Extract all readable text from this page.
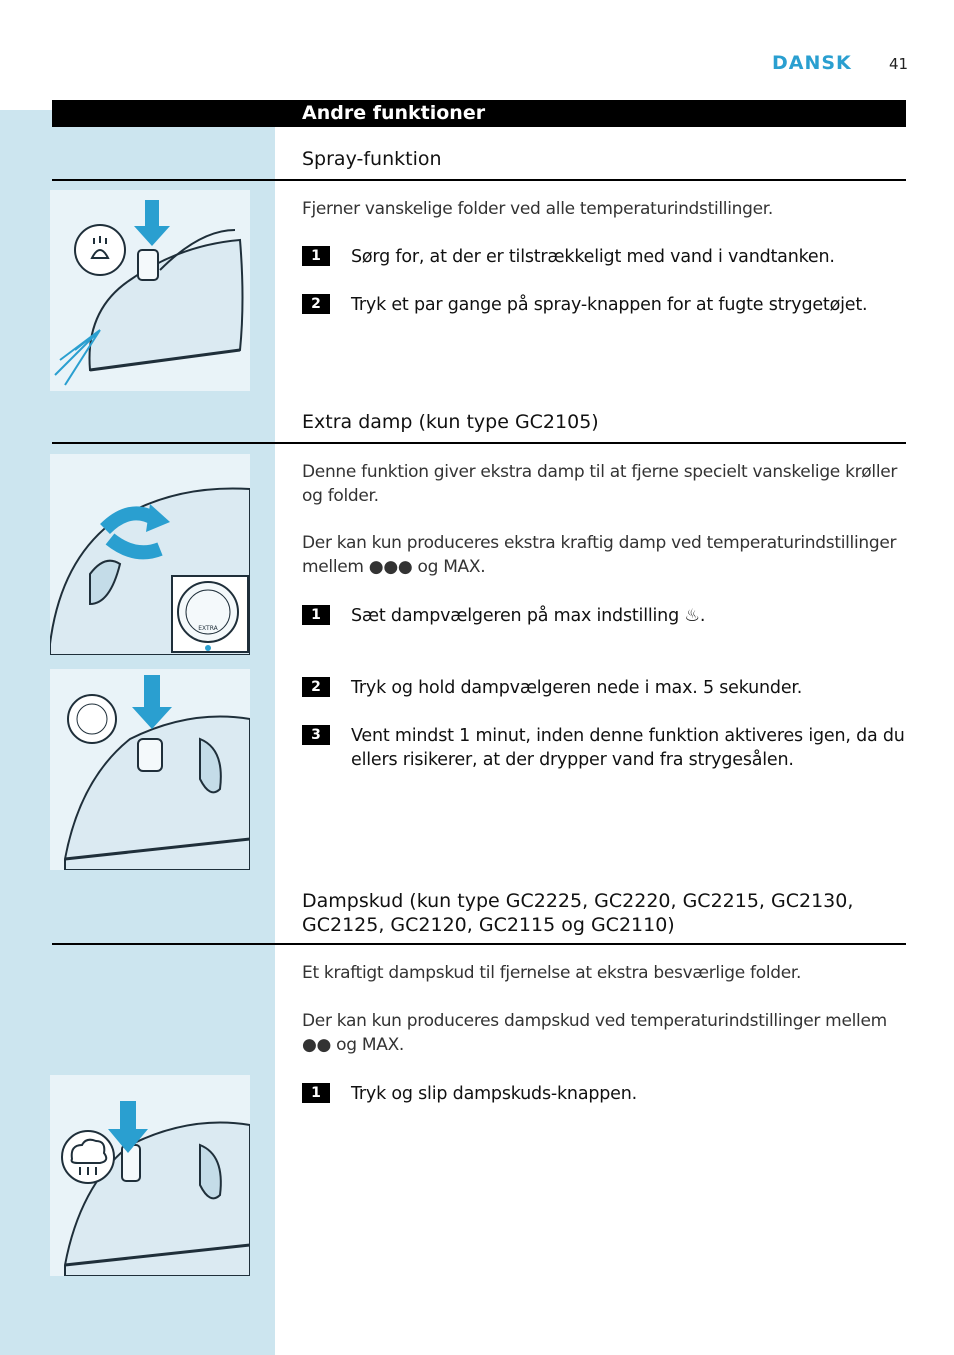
DANSK 41
Andre funktioner
Spray-funktion
Fjerner vanskelige folder ved alle temperaturindstillinger.
1	Sørg for, at der er tilstrækkeligt med vand i vandtanken.
2	Tryk et par gange på spray-knappen for at fugte strygetøjet.
Extra damp (kun type GC2105)
Denne funktion giver ekstra damp til at fjerne specielt vanskelige krøller og folder.
Der kan kun produceres ekstra kraftig damp ved temperaturindstillinger mellem ●●● og MAX.
1	Sæt dampvælgeren på max indstilling ♨.
2	Tryk og hold dampvælgeren nede i max. 5 sekunder.
3	Vent mindst 1 minut, inden denne funktion aktiveres igen, da du ellers risikerer, at der drypper vand fra strygesålen.
EXTRA
Dampskud (kun type GC2225, GC2220, GC2215, GC2130, GC2125, GC2120, GC2115 og GC2110)
Et kraftigt dampskud til fjernelse at ekstra besværlige folder.
Der kan kun produceres dampskud ved temperaturindstillinger mellem ●● og MAX.
1	Tryk og slip dampskuds-knappen.
